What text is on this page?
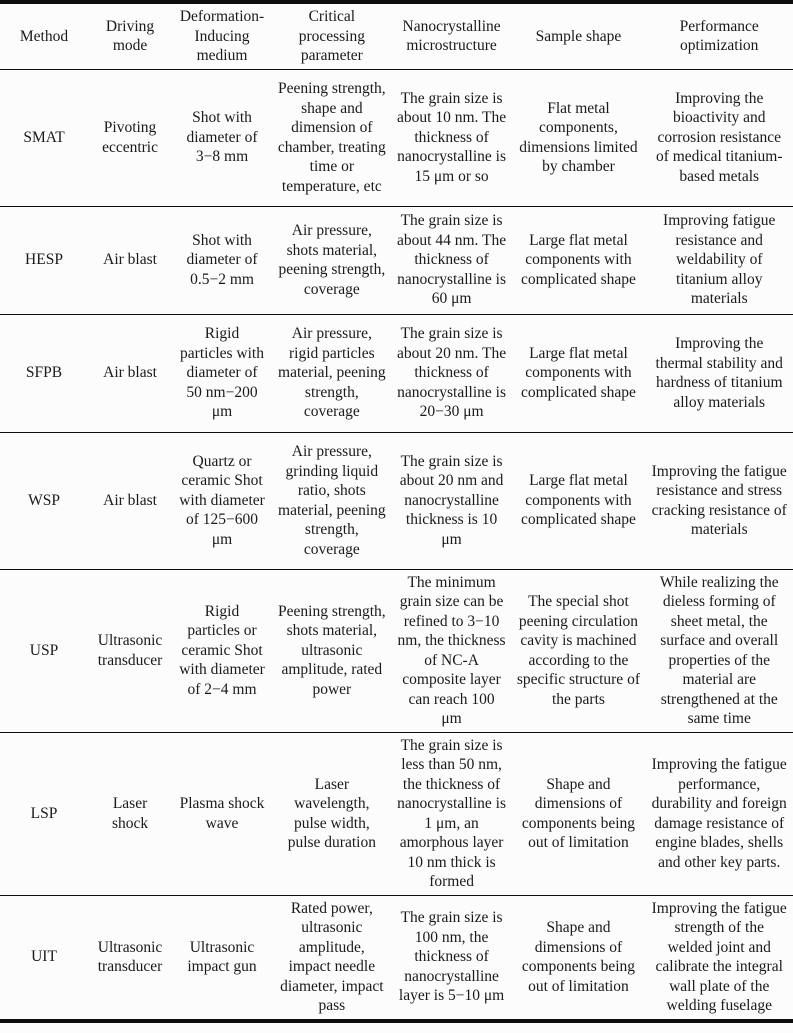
Method	Driving mode	Deformation-Inducing medium	Critical processing parameter	Nanocrystalline microstructure	Sample shape	Performance optimization
SMAT	Pivoting eccentric	Shot with diameter of 3−8 mm	Peening strength, shape and dimension of chamber, treating time or temperature, etc	The grain size is about 10 nm. The thickness of nanocrystalline is 15 μm or so	Flat metal components, dimensions limited by chamber	Improving the bioactivity and corrosion resistance of medical titanium-based metals
HESP	Air blast	Shot with diameter of 0.5−2 mm	Air pressure, shots material, peening strength, coverage	The grain size is about 44 nm. The thickness of nanocrystalline is 60 μm	Large flat metal components with complicated shape	Improving fatigue resistance and weldability of titanium alloy materials
SFPB	Air blast	Rigid particles with diameter of 50 nm−200 μm	Air pressure, rigid particles material, peening strength, coverage	The grain size is about 20 nm. The thickness of nanocrystalline is 20−30 μm	Large flat metal components with complicated shape	Improving the thermal stability and hardness of titanium alloy materials
WSP	Air blast	Quartz or ceramic Shot with diameter of 125−600 μm	Air pressure, grinding liquid ratio, shots material, peening strength, coverage	The grain size is about 20 nm and nanocrystalline thickness is 10 μm	Large flat metal components with complicated shape	Improving the fatigue resistance and stress cracking resistance of materials
USP	Ultrasonic transducer	Rigid particles or ceramic Shot with diameter of 2−4 mm	Peening strength, shots material, ultrasonic amplitude, rated power	The minimum grain size can be refined to 3−10 nm, the thickness of NC-A composite layer can reach 100 μm	The special shot peening circulation cavity is machined according to the specific structure of the parts	While realizing the dieless forming of sheet metal, the surface and overall properties of the material are strengthened at the same time
LSP	Laser shock	Plasma shock wave	Laser wavelength, pulse width, pulse duration	The grain size is less than 50 nm, the thickness of nanocrystalline is 1 μm, an amorphous layer 10 nm thick is formed	Shape and dimensions of components being out of limitation	Improving the fatigue performance, durability and foreign damage resistance of engine blades, shells and other key parts.
UIT	Ultrasonic transducer	Ultrasonic impact gun	Rated power, ultrasonic amplitude, impact needle diameter, impact pass	The grain size is 100 nm, the thickness of nanocrystalline layer is 5−10 μm	Shape and dimensions of components being out of limitation	Improving the fatigue strength of the welded joint and calibrate the integral wall plate of the welding fuselage
